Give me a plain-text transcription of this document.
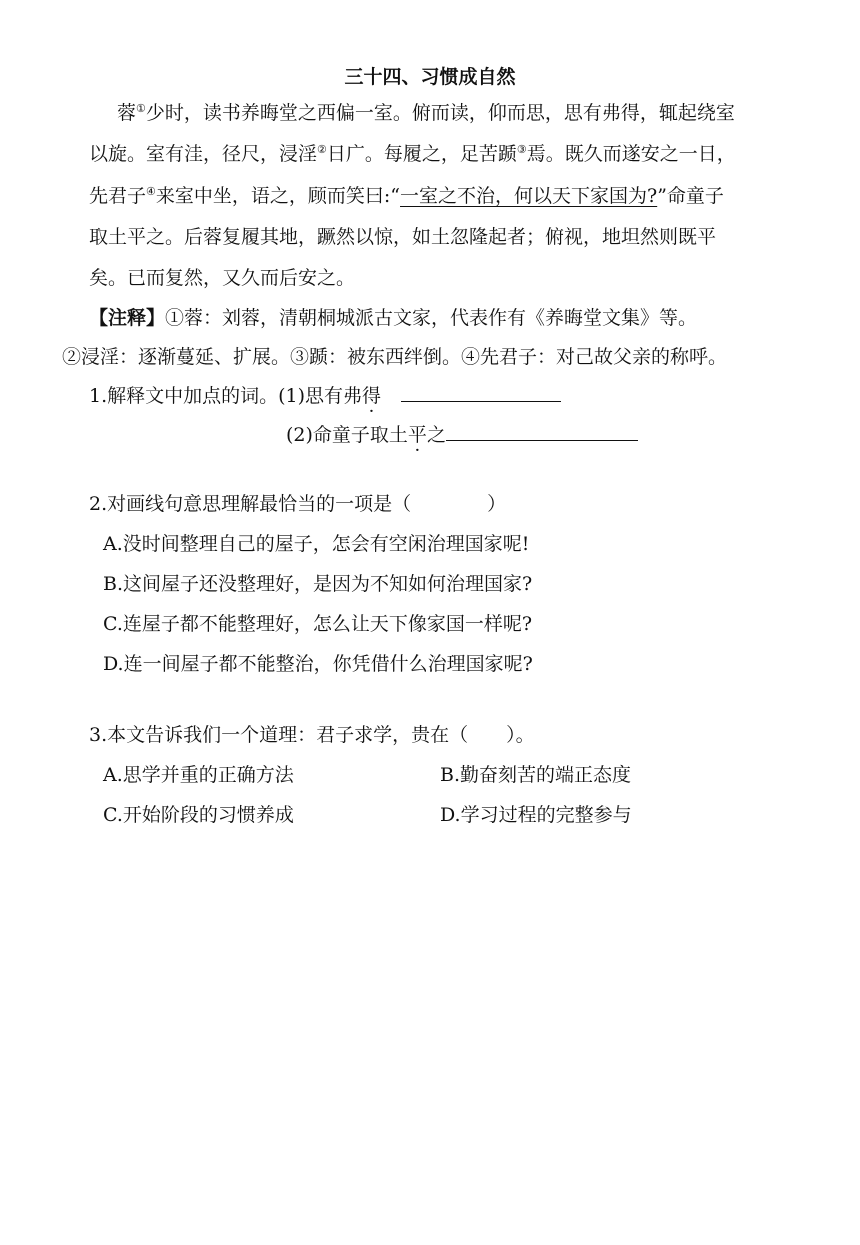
三十四、习惯成自然
蓉①少时，读书养晦堂之西偏一室。俯而读，仰而思，思有弗得，辄起绕室
以旋。室有洼，径尺，浸淫②日广。每履之，足苦踬③焉。既久而遂安之一日，
先君子④来室中坐，语之，顾而笑曰:“一室之不治，何以天下家国为?”命童子
取土平之。后蓉复履其地，蹶然以惊，如土忽隆起者；俯视，地坦然则既平
矣。已而复然，又久而后安之。
【注释】①蓉：刘蓉，清朝桐城派古文家，代表作有《养晦堂文集》等。
②浸淫：逐渐蔓延、扩展。③踬：被东西绊倒。④先君子：对己故父亲的称呼。
1.解释文中加点的词。(1)思有弗得
(2)命童子取土平之
2.对画线句意思理解最恰当的一项是（　　　　）
A.没时间整理自己的屋子，怎会有空闲治理国家呢!
B.这间屋子还没整理好，是因为不知如何治理国家?
C.连屋子都不能整理好，怎么让天下像家国一样呢?
D.连一间屋子都不能整治，你凭借什么治理国家呢?
3.本文告诉我们一个道理：君子求学，贵在（　　）。
A.思学并重的正确方法	B.勤奋刻苦的端正态度
C.开始阶段的习惯养成	D.学习过程的完整参与
